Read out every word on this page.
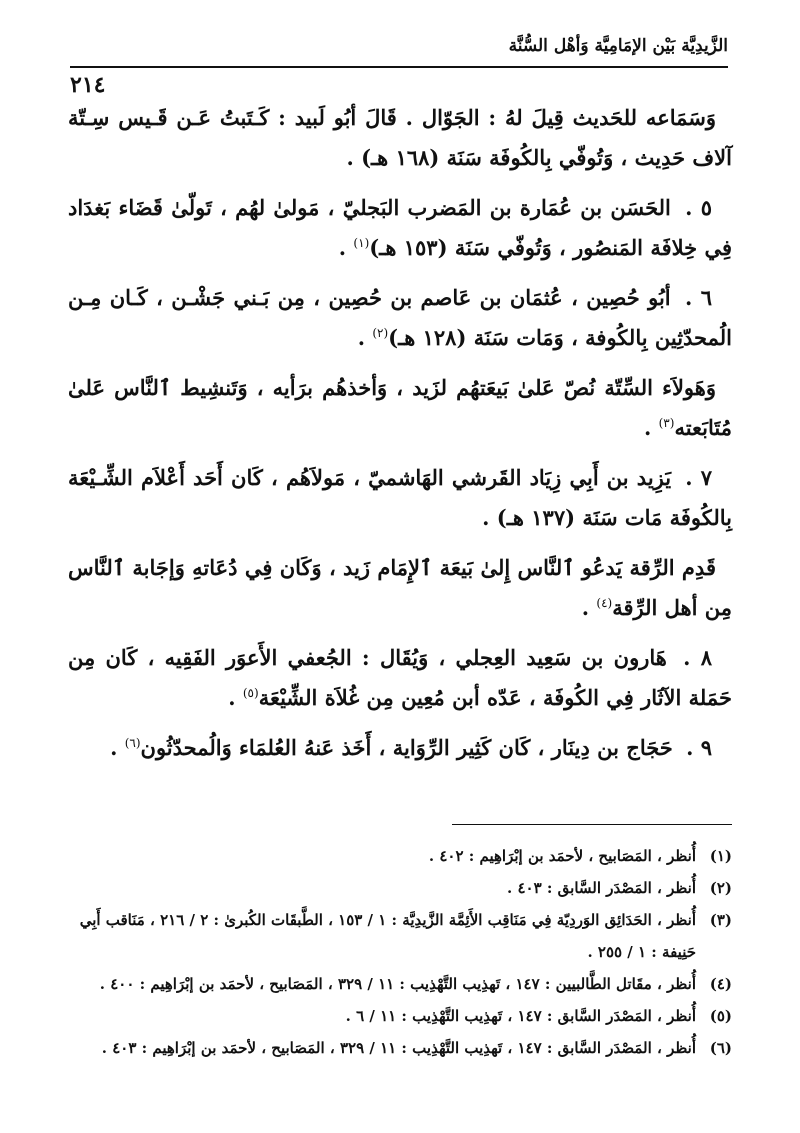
الزَّيدِيَّة بَيْن الإمَامِيَّة وَأهْل السُّنَّة
٢١٤

وَسَمَاعه للحَديث قِيلَ لهُ : الجَوّال . قَالَ أبُو لَبيد : كَـتَبتُ عَـن قَـيس سِـتّة آلاف حَدِيث ، وَتُوفّي بِالكُوفَة سَنَة (١٦٨ هـ) .

٥ . الحَسَن بن عُمَارة بن المَضرب البَجليّ ، مَولىٰ لهُم ، تَولّىٰ قَضَاء بَغدَاد فِي خِلافَة المَنصُور ، وَتُوفّي سَنَة (١٥٣ هـ)$^{(١)}$ .

٦ . أبُو حُصِين ، عُثمَان بن عَاصم بن حُصِين ، مِن بَـني جَشْـن ، كَـان مِـن الُمحدّثِين بِالكُوفة ، وَمَات سَنَة (١٢٨ هـ)$^{(٢)}$ .

وَهَولاَء السِّتّة نُصّ عَلىٰ بَيعَتهُم لزَيد ، وَأخذهُم برَأيه ، وَتَنشِيط ٱلنَّاس عَلىٰ مُتَابَعته$^{(٣)}$ .

٧ . يَزِيد بن أَبِي زِيَاد القَرشي الهَاشميّ ، مَولاَهُم ، كَان أَحَد أَعْلاَم الشِّـيْعَة بِالكُوفَة مَات سَنَة (١٣٧ هـ) .

قَدِم الرِّقة يَدعُو ٱلنَّاس إِلىٰ بَيعَة ٱلإِمَام زَيد ، وَكَان فِي دُعَاتهِ وَإجَابة ٱلنَّاس مِن أهل الرِّقة$^{(٤)}$ .

٨ . هَارون بن سَعِيد العِجلي ، وَيُقَال : الجُعفي الأَعوَر الفَقِيه ، كَان مِن حَمَلة الآثَار فِي الكُوفَة ، عَدّه أبن مُعِين مِن غُلاَة الشِّيْعَة$^{(٥)}$ .

٩ . حَجَاج بن دِينَار ، كَان كَثِير الرِّوَاية ، أَخَذ عَنهُ العُلمَاء وَالُمحدّثُون$^{(٦)}$ .

(١)أُنظر ، المَصَابيح ، لأحمَد بن إبْرَاهِيم : ٤٠٢ .

(٢)أُنظر ، المَصْدَر السَّابق : ٤٠٣ .

(٣)أُنظر ، الحَدَائِق الوَردِيّة فِي مَنَاقِب الأَئِمَّة الزَّيدِيَّة : ١ / ١٥٣ ، الطَّبقَات الكُبرىٰ : ٢ / ٢١٦ ، مَنَاقب أَبِي حَنِيفة : ١ / ٢٥٥ .

(٤)أُنظر ، مقَاتل الطَّالبيين : ١٤٧ ، تَهذِيب التَّهْذِيب : ١١ / ٣٢٩ ، المَصَابيح ، لأحمَد بن إبْرَاهِيم : ٤٠٠ .

(٥)أُنظر ، المَصْدَر السَّابق : ١٤٧ ، تَهذِيب التَّهْذِيب : ١١ / ٦ .

(٦)أُنظر ، المَصْدَر السَّابق : ١٤٧ ، تَهذِيب التَّهْذِيب : ١١ / ٣٢٩ ، المَصَابيح ، لأحمَد بن إبْرَاهِيم : ٤٠٣ .
